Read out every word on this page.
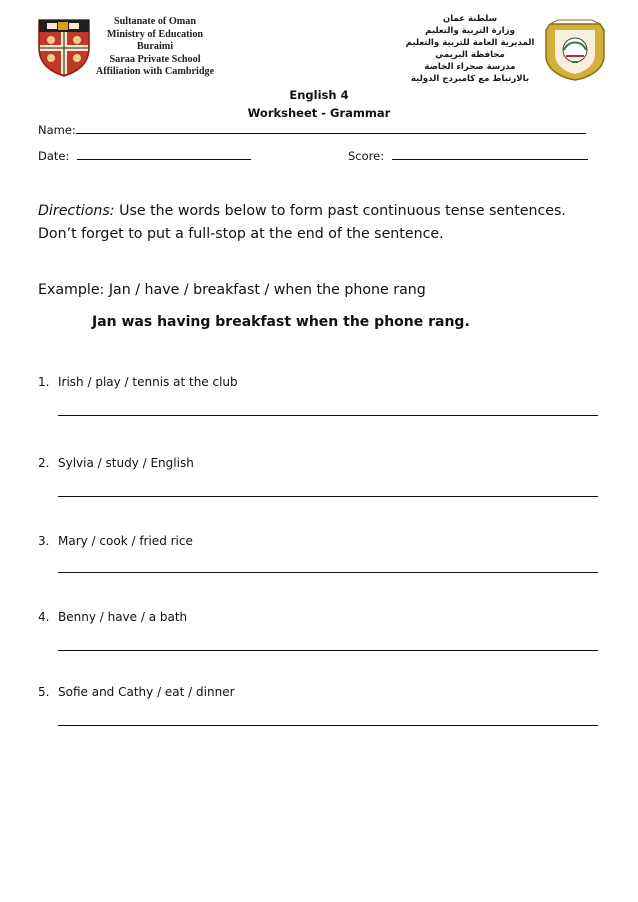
Sultanate of Oman
Ministry of Education
Buraimi
Saraa Private School
Affiliation with Cambridge
سلطنة عمان
وزارة التربية والتعليم
المديرية العامة للتربية والتعليم
محافظة البريمي
مدرسة صحراء الخاصة
بالارتباط مع كامبردج الدولية
English 4
Worksheet - Grammar
Name:
Date:	Score:
Directions: Use the words below to form past continuous tense sentences. Don’t forget to put a full-stop at the end of the sentence.
Example: Jan / have / breakfast / when the phone rang
Jan was having breakfast when the phone rang.
1. Irish / play / tennis at the club
2. Sylvia / study / English
3. Mary / cook / fried rice
4. Benny / have / a bath
5. Sofie and Cathy / eat / dinner
